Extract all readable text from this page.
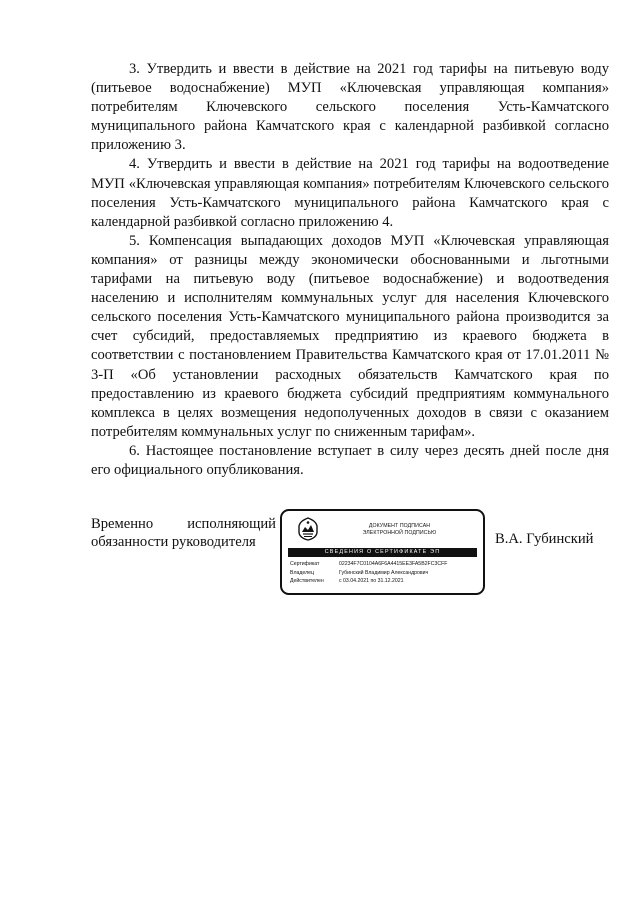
3. Утвердить и ввести в действие на 2021 год тарифы на питьевую воду (питьевое водоснабжение) МУП «Ключевская управляющая компания» потребителям Ключевского сельского поселения Усть-Камчатского муниципального района Камчатского края с календарной разбивкой согласно приложению 3.

4. Утвердить и ввести в действие на 2021 год тарифы на водоотведение МУП «Ключевская управляющая компания» потребителям Ключевского сельского поселения Усть-Камчатского муниципального района Камчатского края с календарной разбивкой согласно приложению 4.

5. Компенсация выпадающих доходов МУП «Ключевская управляющая компания» от разницы между экономически обоснованными и льготными тарифами на питьевую воду (питьевое водоснабжение) и водоотведения населению и исполнителям коммунальных услуг для населения Ключевского сельского поселения Усть-Камчатского муниципального района производится за счет субсидий, предоставляемых предприятию из краевого бюджета в соответствии с постановлением Правительства Камчатского края от 17.01.2011 № 3-П «Об установлении расходных обязательств Камчатского края по предоставлению из краевого бюджета субсидий предприятиям коммунального комплекса в целях возмещения недополученных доходов в связи с оказанием потребителям коммунальных услуг по сниженным тарифам».

6. Настоящее постановление вступает в силу через десять дней после дня его официального опубликования.

Временно исполняющий
обязанности руководителя
ДОКУМЕНТ ПОДПИСАН
ЭЛЕКТРОННОЙ ПОДПИСЬЮ
СВЕДЕНИЯ О СЕРТИФИКАТЕ ЭП
Сертификат	02234F7C0104A6F6A4415EE3FA5B2FC3CFF
Владелец	Губинский Владимир Александрович
Действителен	с 03.04.2021 по 31.12.2021
В.А. Губинский
